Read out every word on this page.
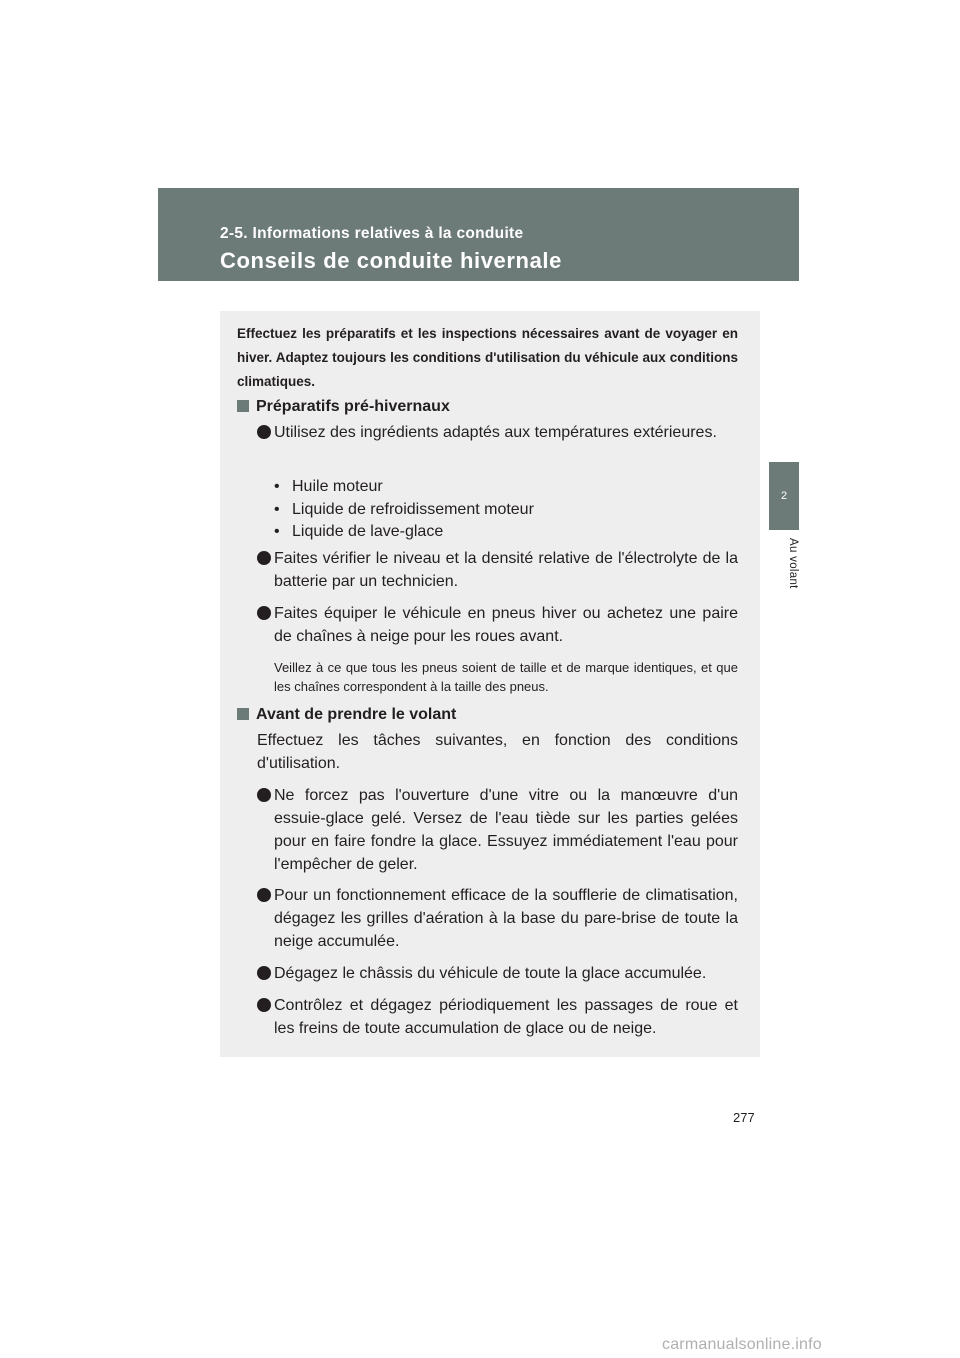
2-5. Informations relatives à la conduite
Conseils de conduite hivernale
2
Au volant
Effectuez les préparatifs et les inspections nécessaires avant de voyager en hiver. Adaptez toujours les conditions d'utilisation du véhicule aux conditions climatiques.
Préparatifs pré-hivernaux
Utilisez des ingrédients adaptés aux températures extérieures.
• Huile moteur
• Liquide de refroidissement moteur
• Liquide de lave-glace
Faites vérifier le niveau et la densité relative de l'électrolyte de la batterie par un technicien.
Faites équiper le véhicule en pneus hiver ou achetez une paire de chaînes à neige pour les roues avant.
Veillez à ce que tous les pneus soient de taille et de marque identiques, et que les chaînes correspondent à la taille des pneus.
Avant de prendre le volant
Effectuez les tâches suivantes, en fonction des conditions d'utilisation.
Ne forcez pas l'ouverture d'une vitre ou la manœuvre d'un essuie-glace gelé. Versez de l'eau tiède sur les parties gelées pour en faire fondre la glace. Essuyez immédiatement l'eau pour l'empêcher de geler.
Pour un fonctionnement efficace de la soufflerie de climatisation, dégagez les grilles d'aération à la base du pare-brise de toute la neige accumulée.
Dégagez le châssis du véhicule de toute la glace accumulée.
Contrôlez et dégagez périodiquement les passages de roue et les freins de toute accumulation de glace ou de neige.
277
carmanualsonline.info
